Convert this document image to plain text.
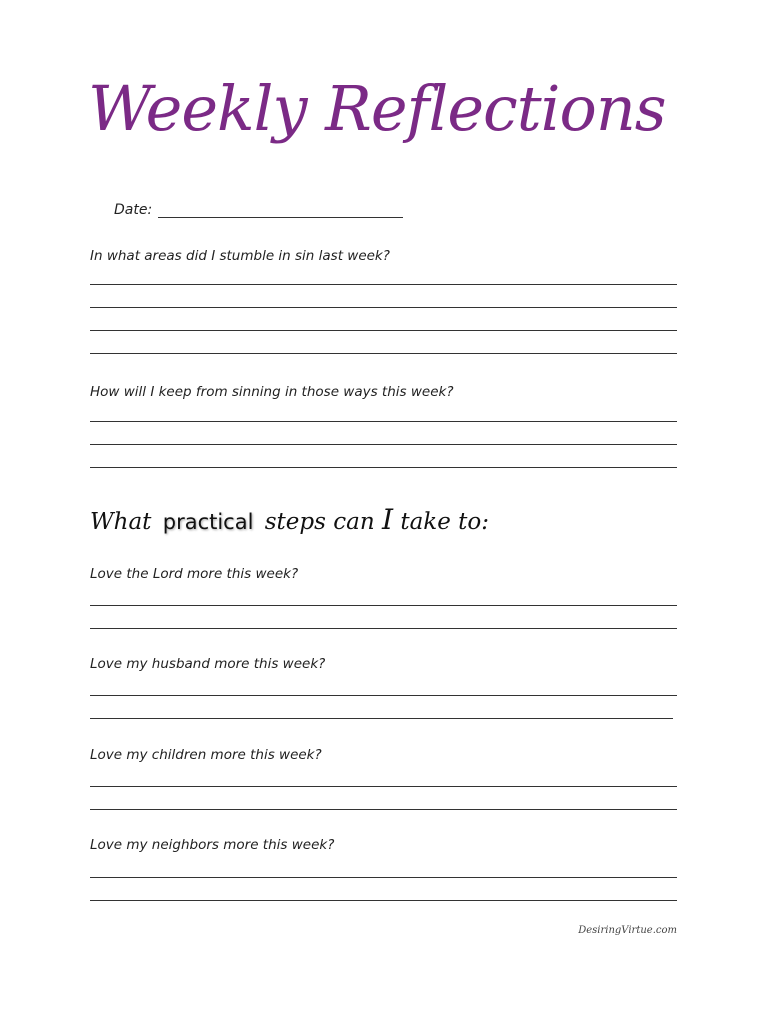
Weekly Reflections
Date:
In what areas did I stumble in sin last week?
How will I keep from sinning in those ways this week?
What practical steps can I take to:
Love the Lord more this week?
Love my husband more this week?
Love my children more this week?
Love my neighbors more this week?
DesiringVirtue.com
